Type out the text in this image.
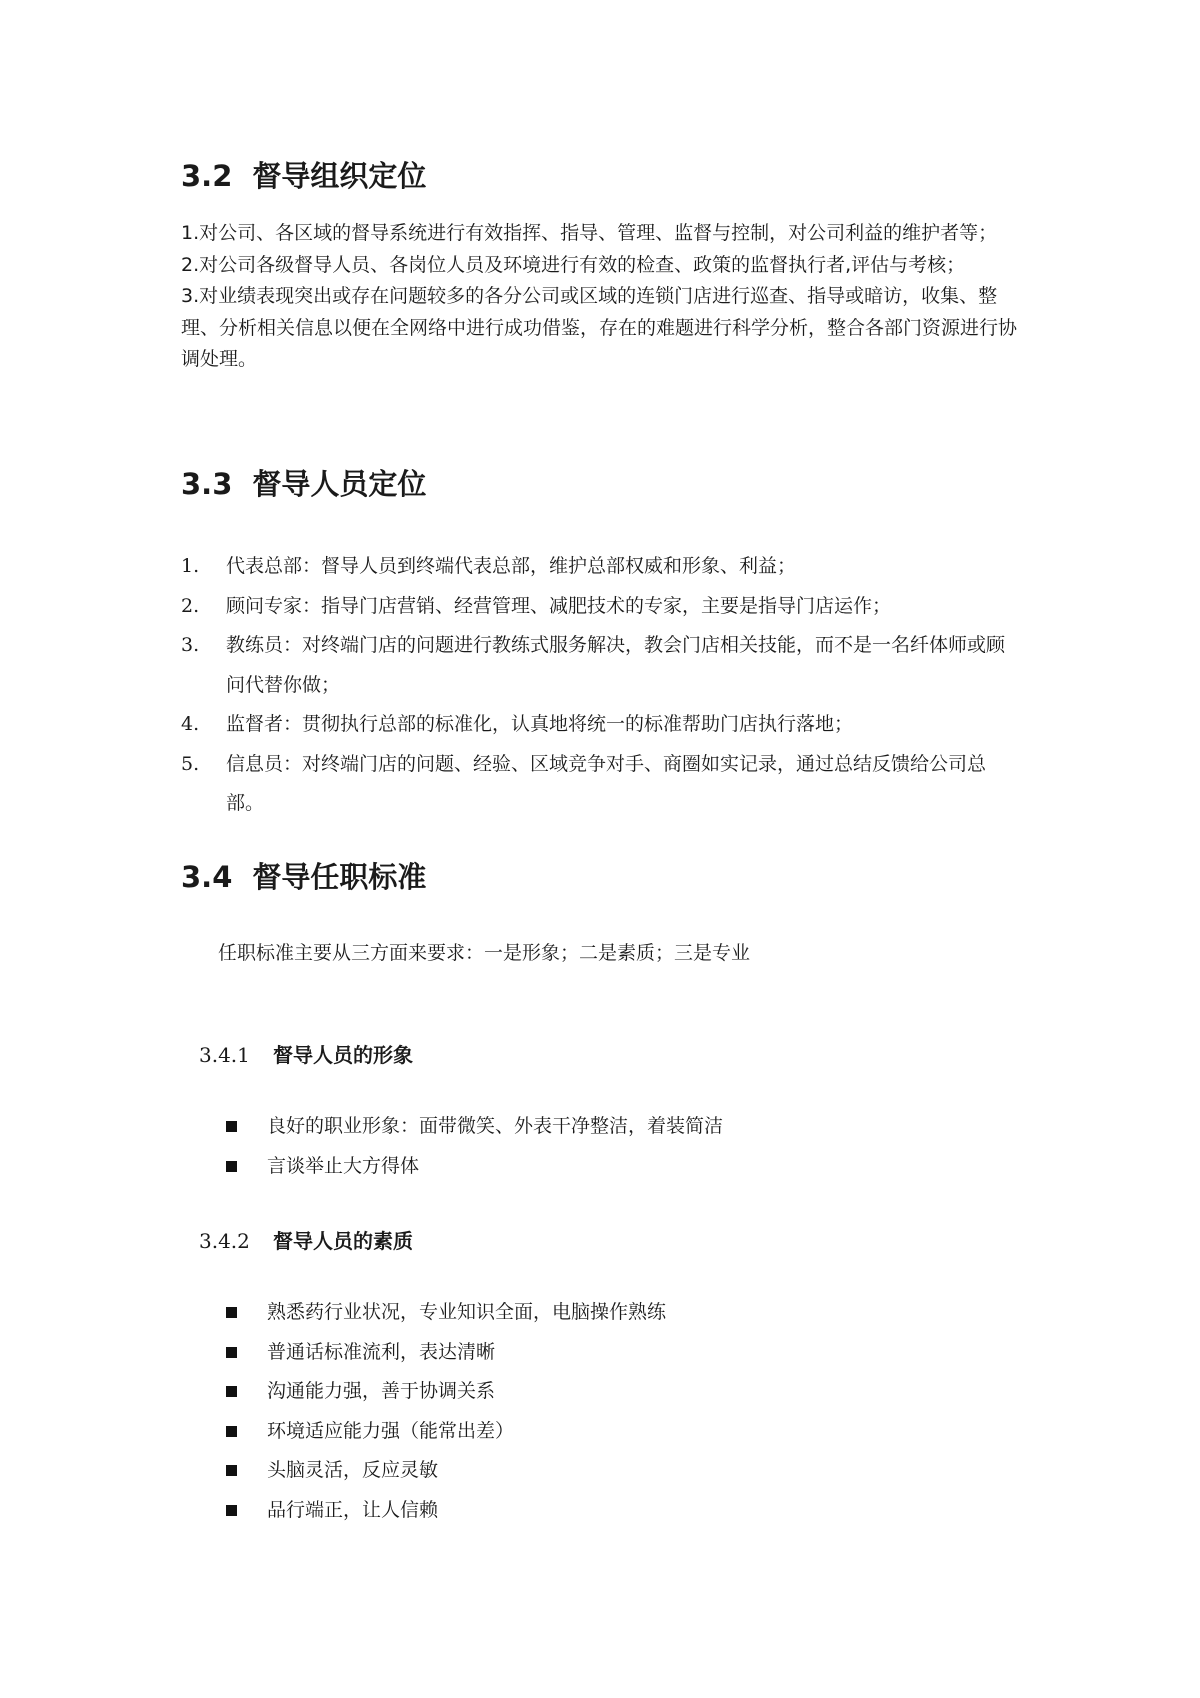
3.2 督导组织定位

1.对公司、各区域的督导系统进行有效指挥、指导、管理、监督与控制，对公司利益的维护者等；

2.对公司各级督导人员、各岗位人员及环境进行有效的检查、政策的监督执行者,评估与考核；

3.对业绩表现突出或存在问题较多的各分公司或区域的连锁门店进行巡查、指导或暗访，收集、整理、分析相关信息以便在全网络中进行成功借鉴，存在的难题进行科学分析，整合各部门资源进行协调处理。

3.3 督导人员定位
1. 代表总部：督导人员到终端代表总部，维护总部权威和形象、利益；
2. 顾问专家：指导门店营销、经营管理、减肥技术的专家，主要是指导门店运作；
3. 教练员：对终端门店的问题进行教练式服务解决，教会门店相关技能，而不是一名纤体师或顾问代替你做；
4. 监督者：贯彻执行总部的标准化，认真地将统一的标准帮助门店执行落地；
5. 信息员：对终端门店的问题、经验、区域竞争对手、商圈如实记录，通过总结反馈给公司总部。
3.4 督导任职标准

任职标准主要从三方面来要求：一是形象；二是素质；三是专业

3.4.1 督导人员的形象
良好的职业形象：面带微笑、外表干净整洁，着装简洁
言谈举止大方得体
3.4.2 督导人员的素质
熟悉药行业状况，专业知识全面，电脑操作熟练
普通话标准流利，表达清晰
沟通能力强，善于协调关系
环境适应能力强（能常出差）
头脑灵活，反应灵敏
品行端正，让人信赖
